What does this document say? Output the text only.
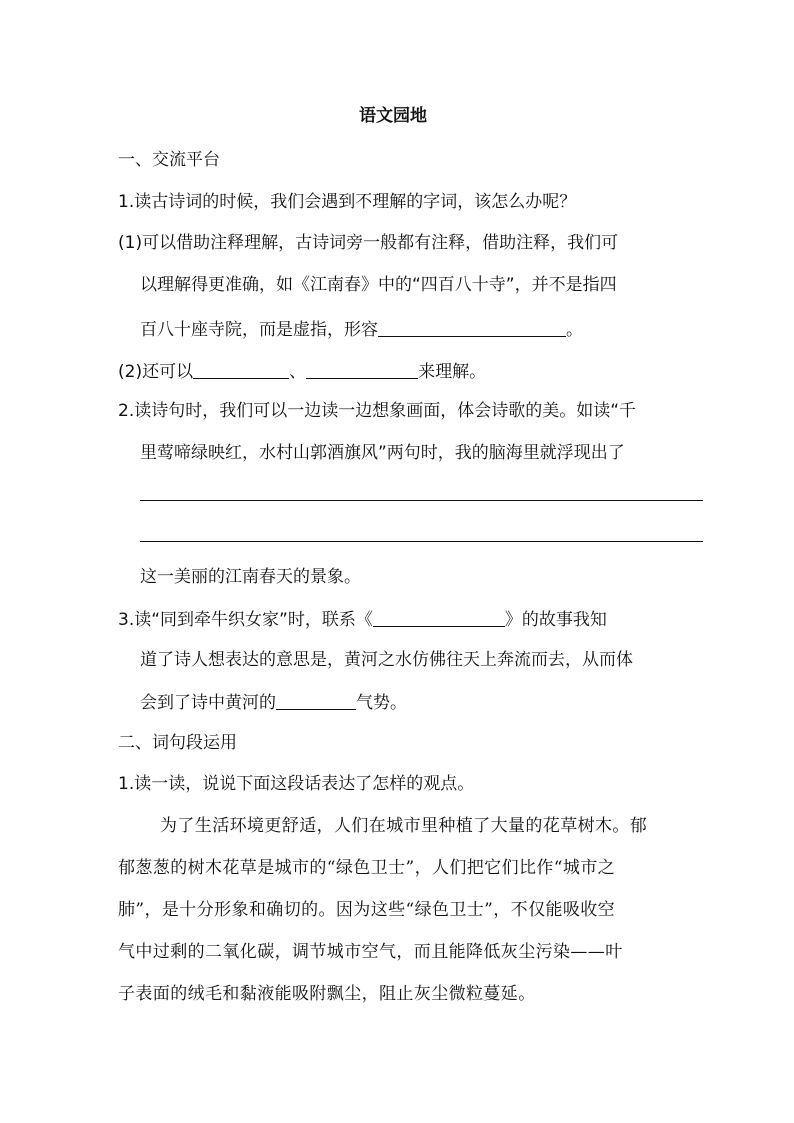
语文园地
一、交流平台
1.读古诗词的时候，我们会遇到不理解的字词，该怎么办呢？
(1)可以借助注释理解，古诗词旁一般都有注释，借助注释，我们可
以理解得更准确，如《江南春》中的“四百八十寺”，并不是指四
百八十座寺院，而是虚指，形容	。
(2)还可以	、	来理解。
2.读诗句时，我们可以一边读一边想象画面，体会诗歌的美。如读“千
里莺啼绿映红，水村山郭酒旗风”两句时，我的脑海里就浮现出了
这一美丽的江南春天的景象。
3.读“同到牵牛织女家”时，联系《	》的故事我知
道了诗人想表达的意思是，黄河之水仿佛往天上奔流而去，从而体
会到了诗中黄河的	气势。
二、词句段运用
1.读一读，说说下面这段话表达了怎样的观点。
为了生活环境更舒适，人们在城市里种植了大量的花草树木。郁
郁葱葱的树木花草是城市的“绿色卫士”，人们把它们比作“城市之
肺”，是十分形象和确切的。因为这些“绿色卫士”，不仅能吸收空
气中过剩的二氧化碳，调节城市空气，而且能降低灰尘污染——叶
子表面的绒毛和黏液能吸附飘尘，阻止灰尘微粒蔓延。
